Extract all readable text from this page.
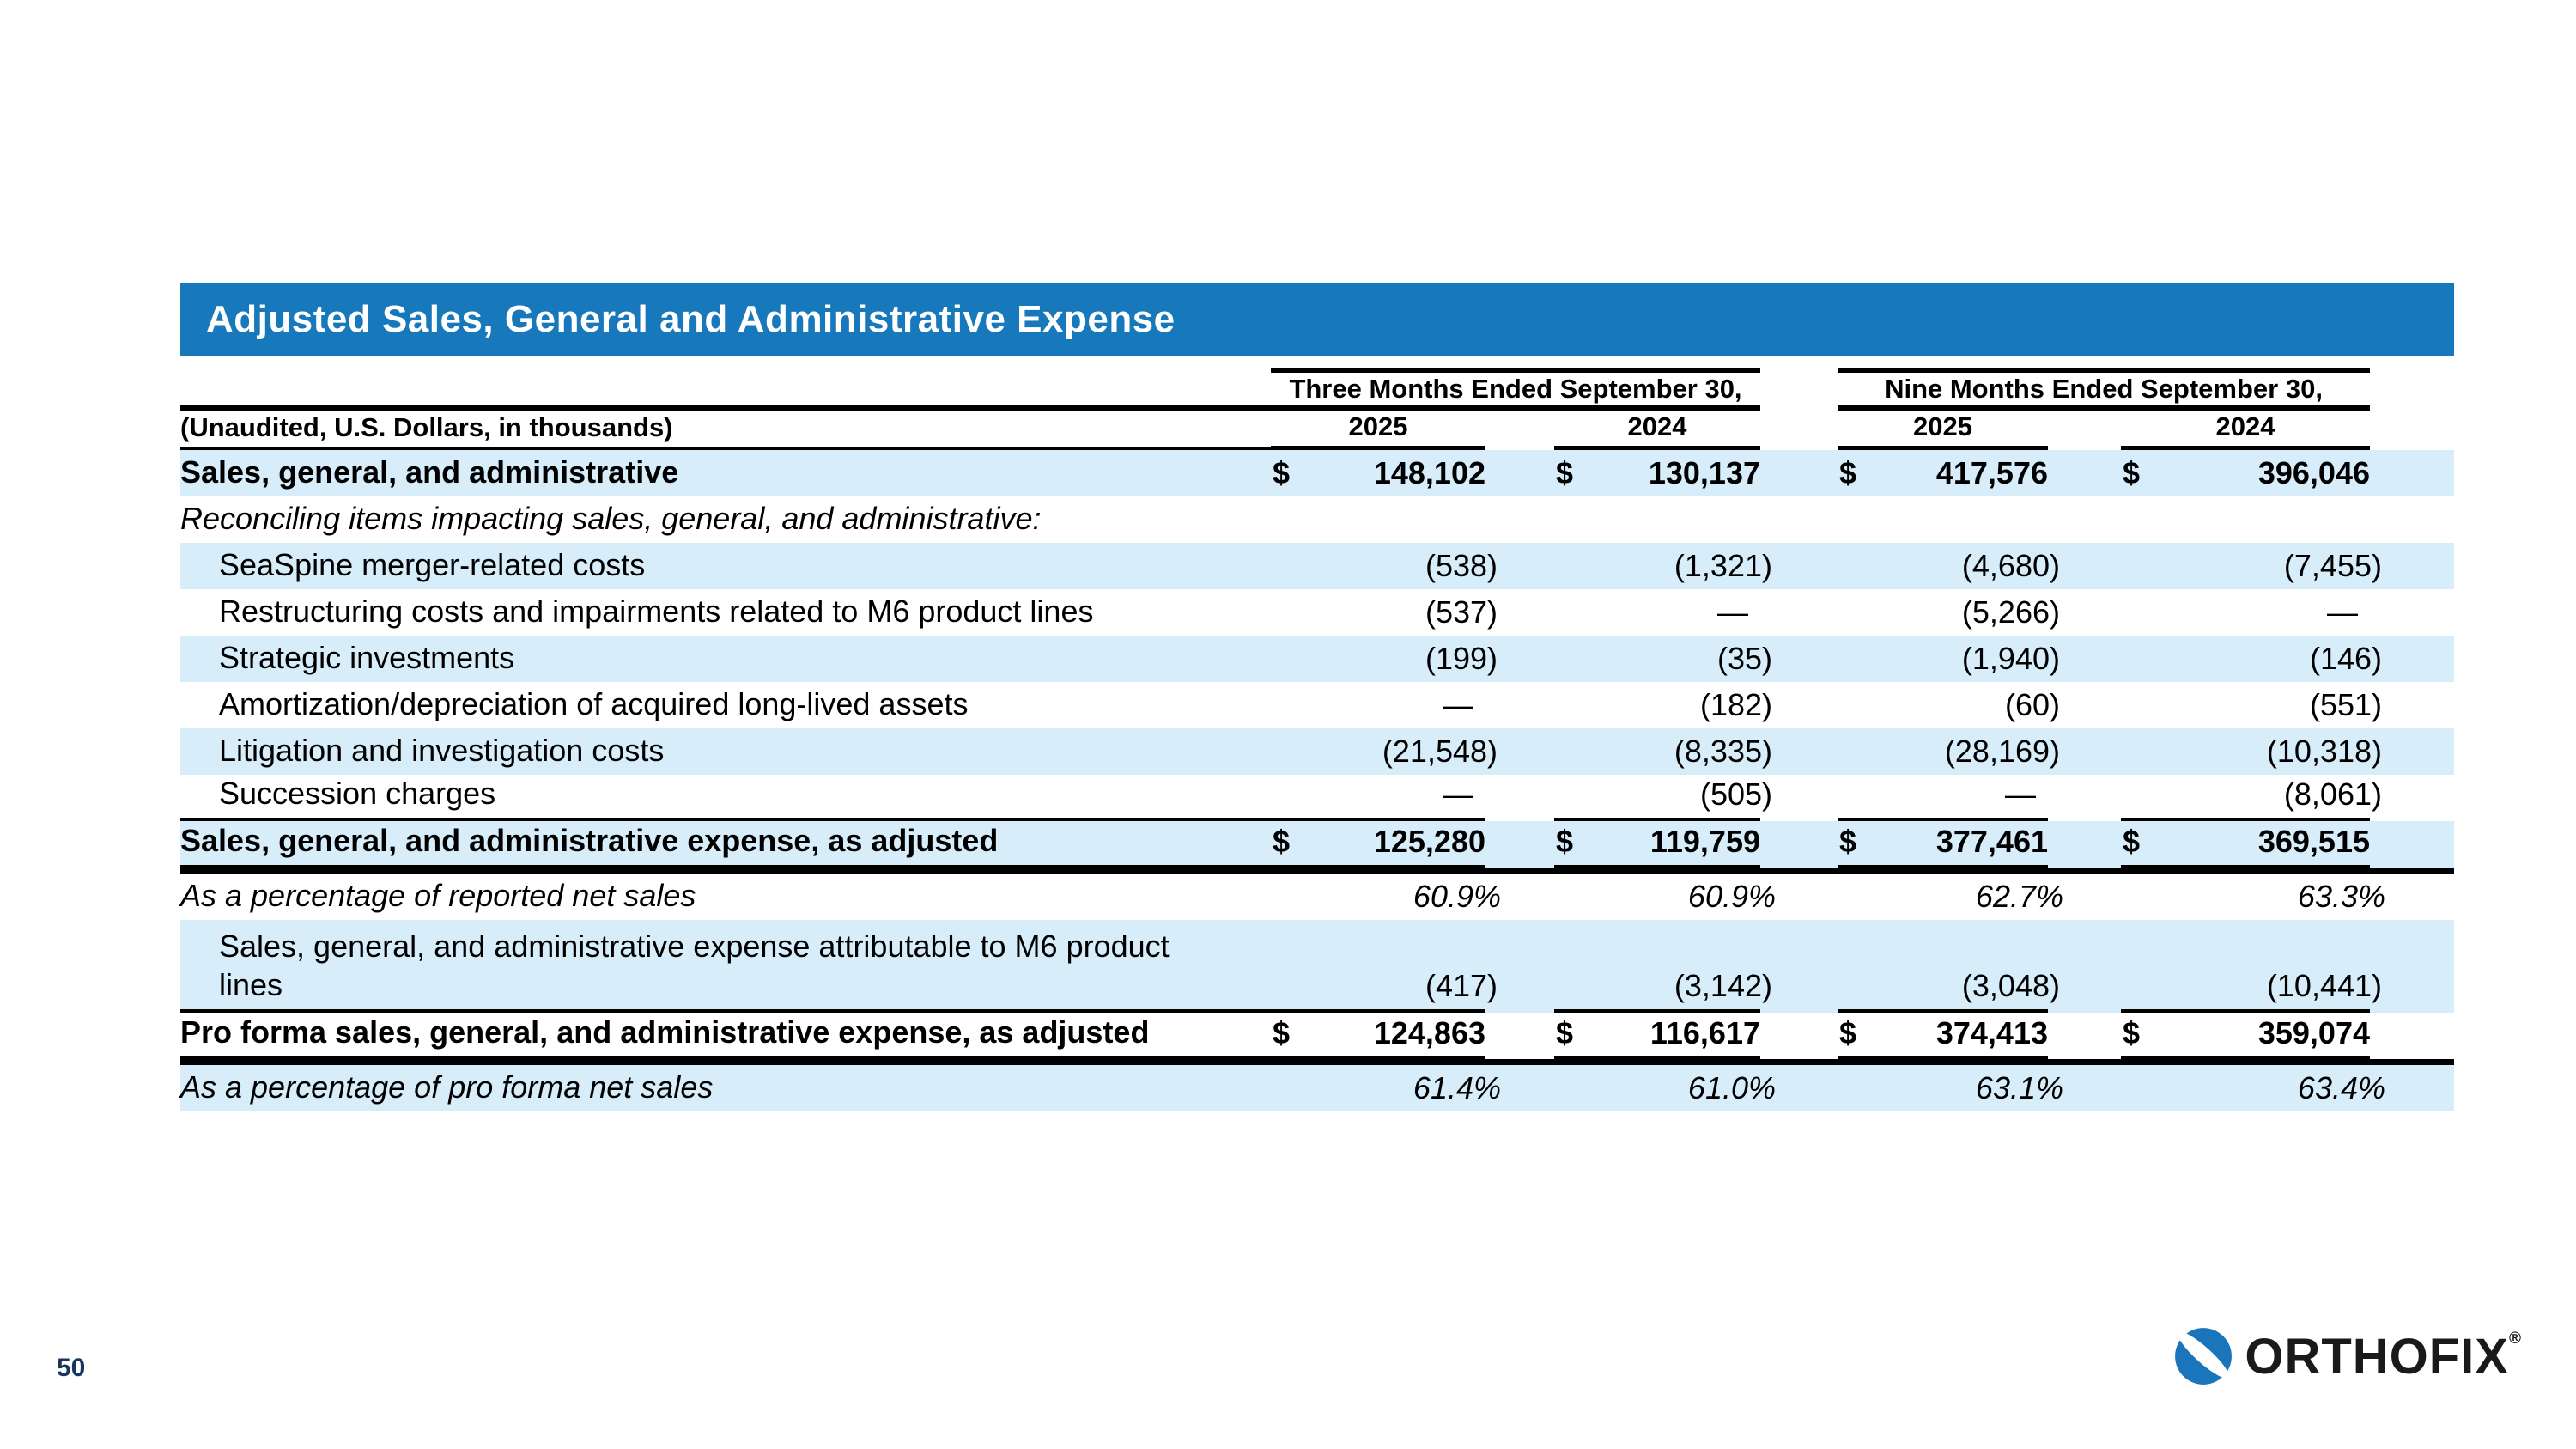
Adjusted Sales, General and Administrative Expense
Three Months Ended September 30,	Nine Months Ended September 30,
(Unaudited, U.S. Dollars, in thousands)	2025	2024	2025	2024
Sales, general, and administrative	$	148,102 $ 130,137	$	417,576 $	396,046
Reconciling items impacting sales, general, and administrative:
SeaSpine merger-related costs	(538)	(1,321)	(4,680)	(7,455)
Restructuring costs and impairments related to M6 product lines	(537)	—	(5,266)	—
Strategic investments	(199)	(35)	(1,940)	(146)
Amortization/depreciation of acquired long-lived assets	—	(182)	(60)	(551)
Litigation and investigation costs	(21,548)	(8,335)	(28,169)	(10,318)
Succession charges	—	(505)	—	(8,061)
Sales, general, and administrative expense, as adjusted	$	125,280 $ 119,759	$	377,461 $	369,515
As a percentage of reported net sales	60.9%	60.9%	62.7%	63.3%
Sales, general, and administrative expense attributable to M6 product lines	(417)	(3,142)	(3,048)	(10,441)
Pro forma sales, general, and administrative expense, as adjusted	$	124,863 $ 116,617	$	374,413 $	359,074
As a percentage of pro forma net sales	61.4%	61.0%	63.1%	63.4%
50	ORTHOFIX ®
